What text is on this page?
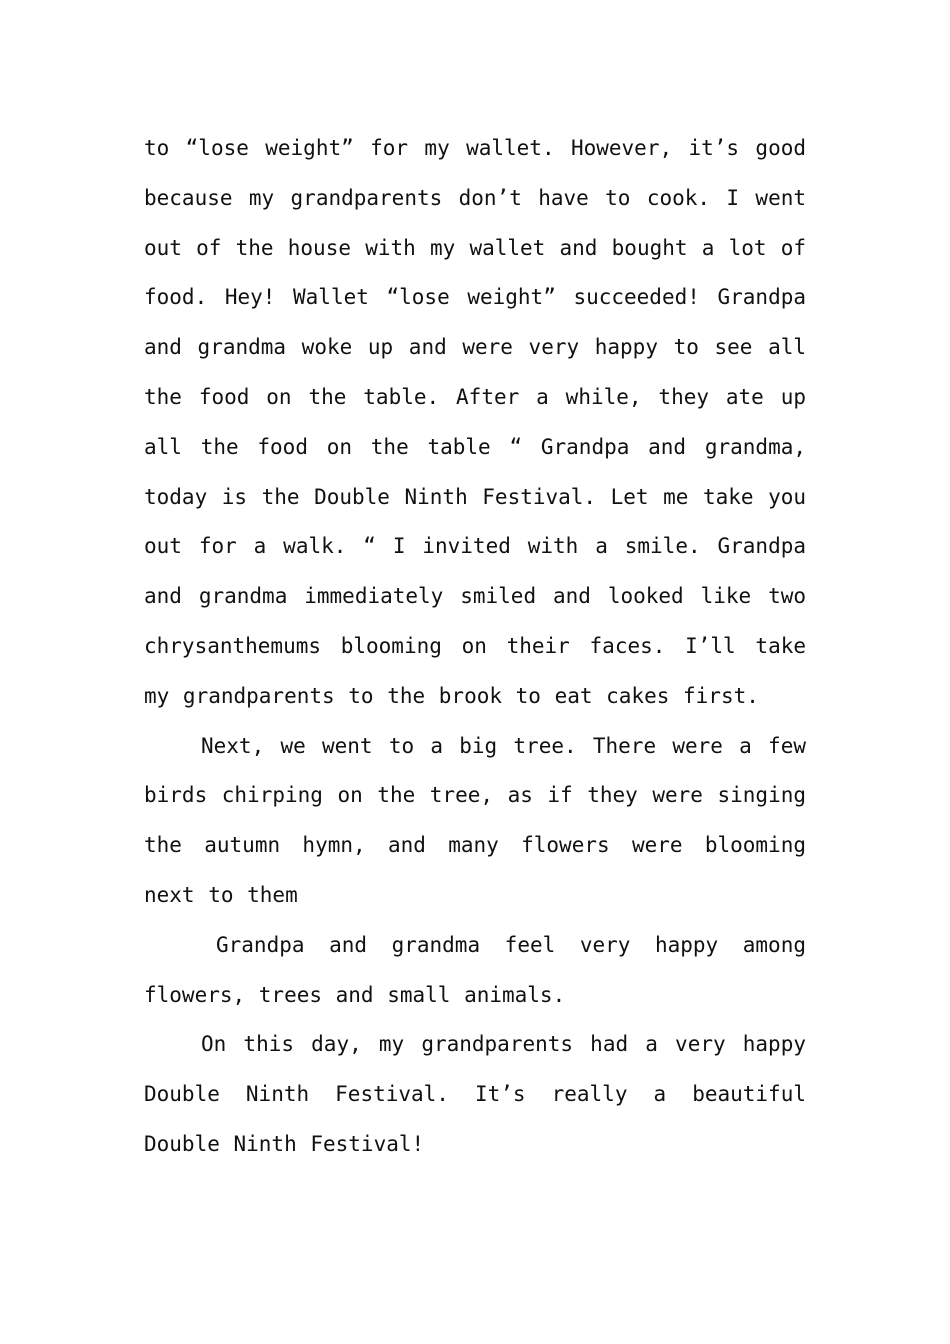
to “lose weight” for my wallet. However, it’s good because my grandparents don’t have to cook. I went out of the house with my wallet and bought a lot of food. Hey! Wallet “lose weight” succeeded! Grandpa and grandma woke up and were very happy to see all the food on the table. After a while, they ate up all the food on the table “ Grandpa and grandma, today is the Double Ninth Festival. Let me take you out for a walk. “ I invited with a smile. Grandpa and grandma immediately smiled and looked like two chrysanthemums blooming on their faces. I’ll take my grandparents to the brook to eat cakes first.

Next, we went to a big tree. There were a few birds chirping on the tree, as if they were singing the autumn hymn, and many flowers were blooming next to them

Grandpa and grandma feel very happy among flowers, trees and small animals.

On this day, my grandparents had a very happy Double Ninth Festival. It’s really a beautiful Double Ninth Festival!
